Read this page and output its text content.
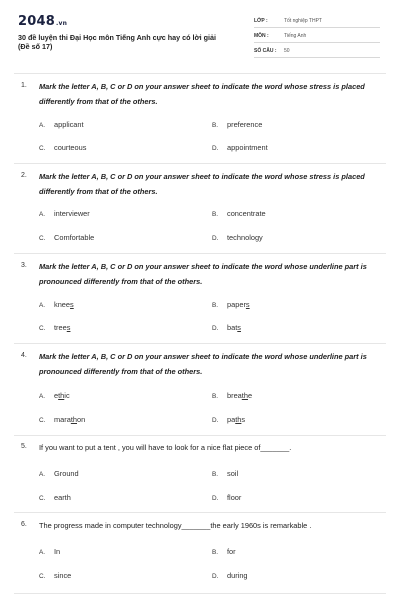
2048.vn
30 đề luyện thi Đại Học môn Tiếng Anh cực hay có lời giải
(Đề số 17)
LỚP :	Tốt nghiệp THPT
MÔN :	Tiếng Anh
SỐ CÂU : 50
1. Mark the letter A, B, C or D on your answer sheet to indicate the word whose stress is placed differently from that of the others.
A. applicant	B. preference
C. courteous	D. appointment
2. Mark the letter A, B, C or D on your answer sheet to indicate the word whose stress is placed differently from that of the others.
A. interviewer	B. concentrate
C. Comfortable	D. technology
3. Mark the letter A, B, C or D on your answer sheet to indicate the word whose underline part is pronounced differently from that of the others.
A. knees	B. papers
C. trees	D. bats
4. Mark the letter A, B, C or D on your answer sheet to indicate the word whose underline part is pronounced differently from that of the others.
A. ethic	B. breathe
C. marathon	D. paths
5. If you want to put a tent , you will have to look for a nice flat piece of_______.
A. Ground	B. soil
C. earth	D. floor
6. The progress made in computer technology_______the early 1960s is remarkable .
A. In	B. for
C. since	D. during
